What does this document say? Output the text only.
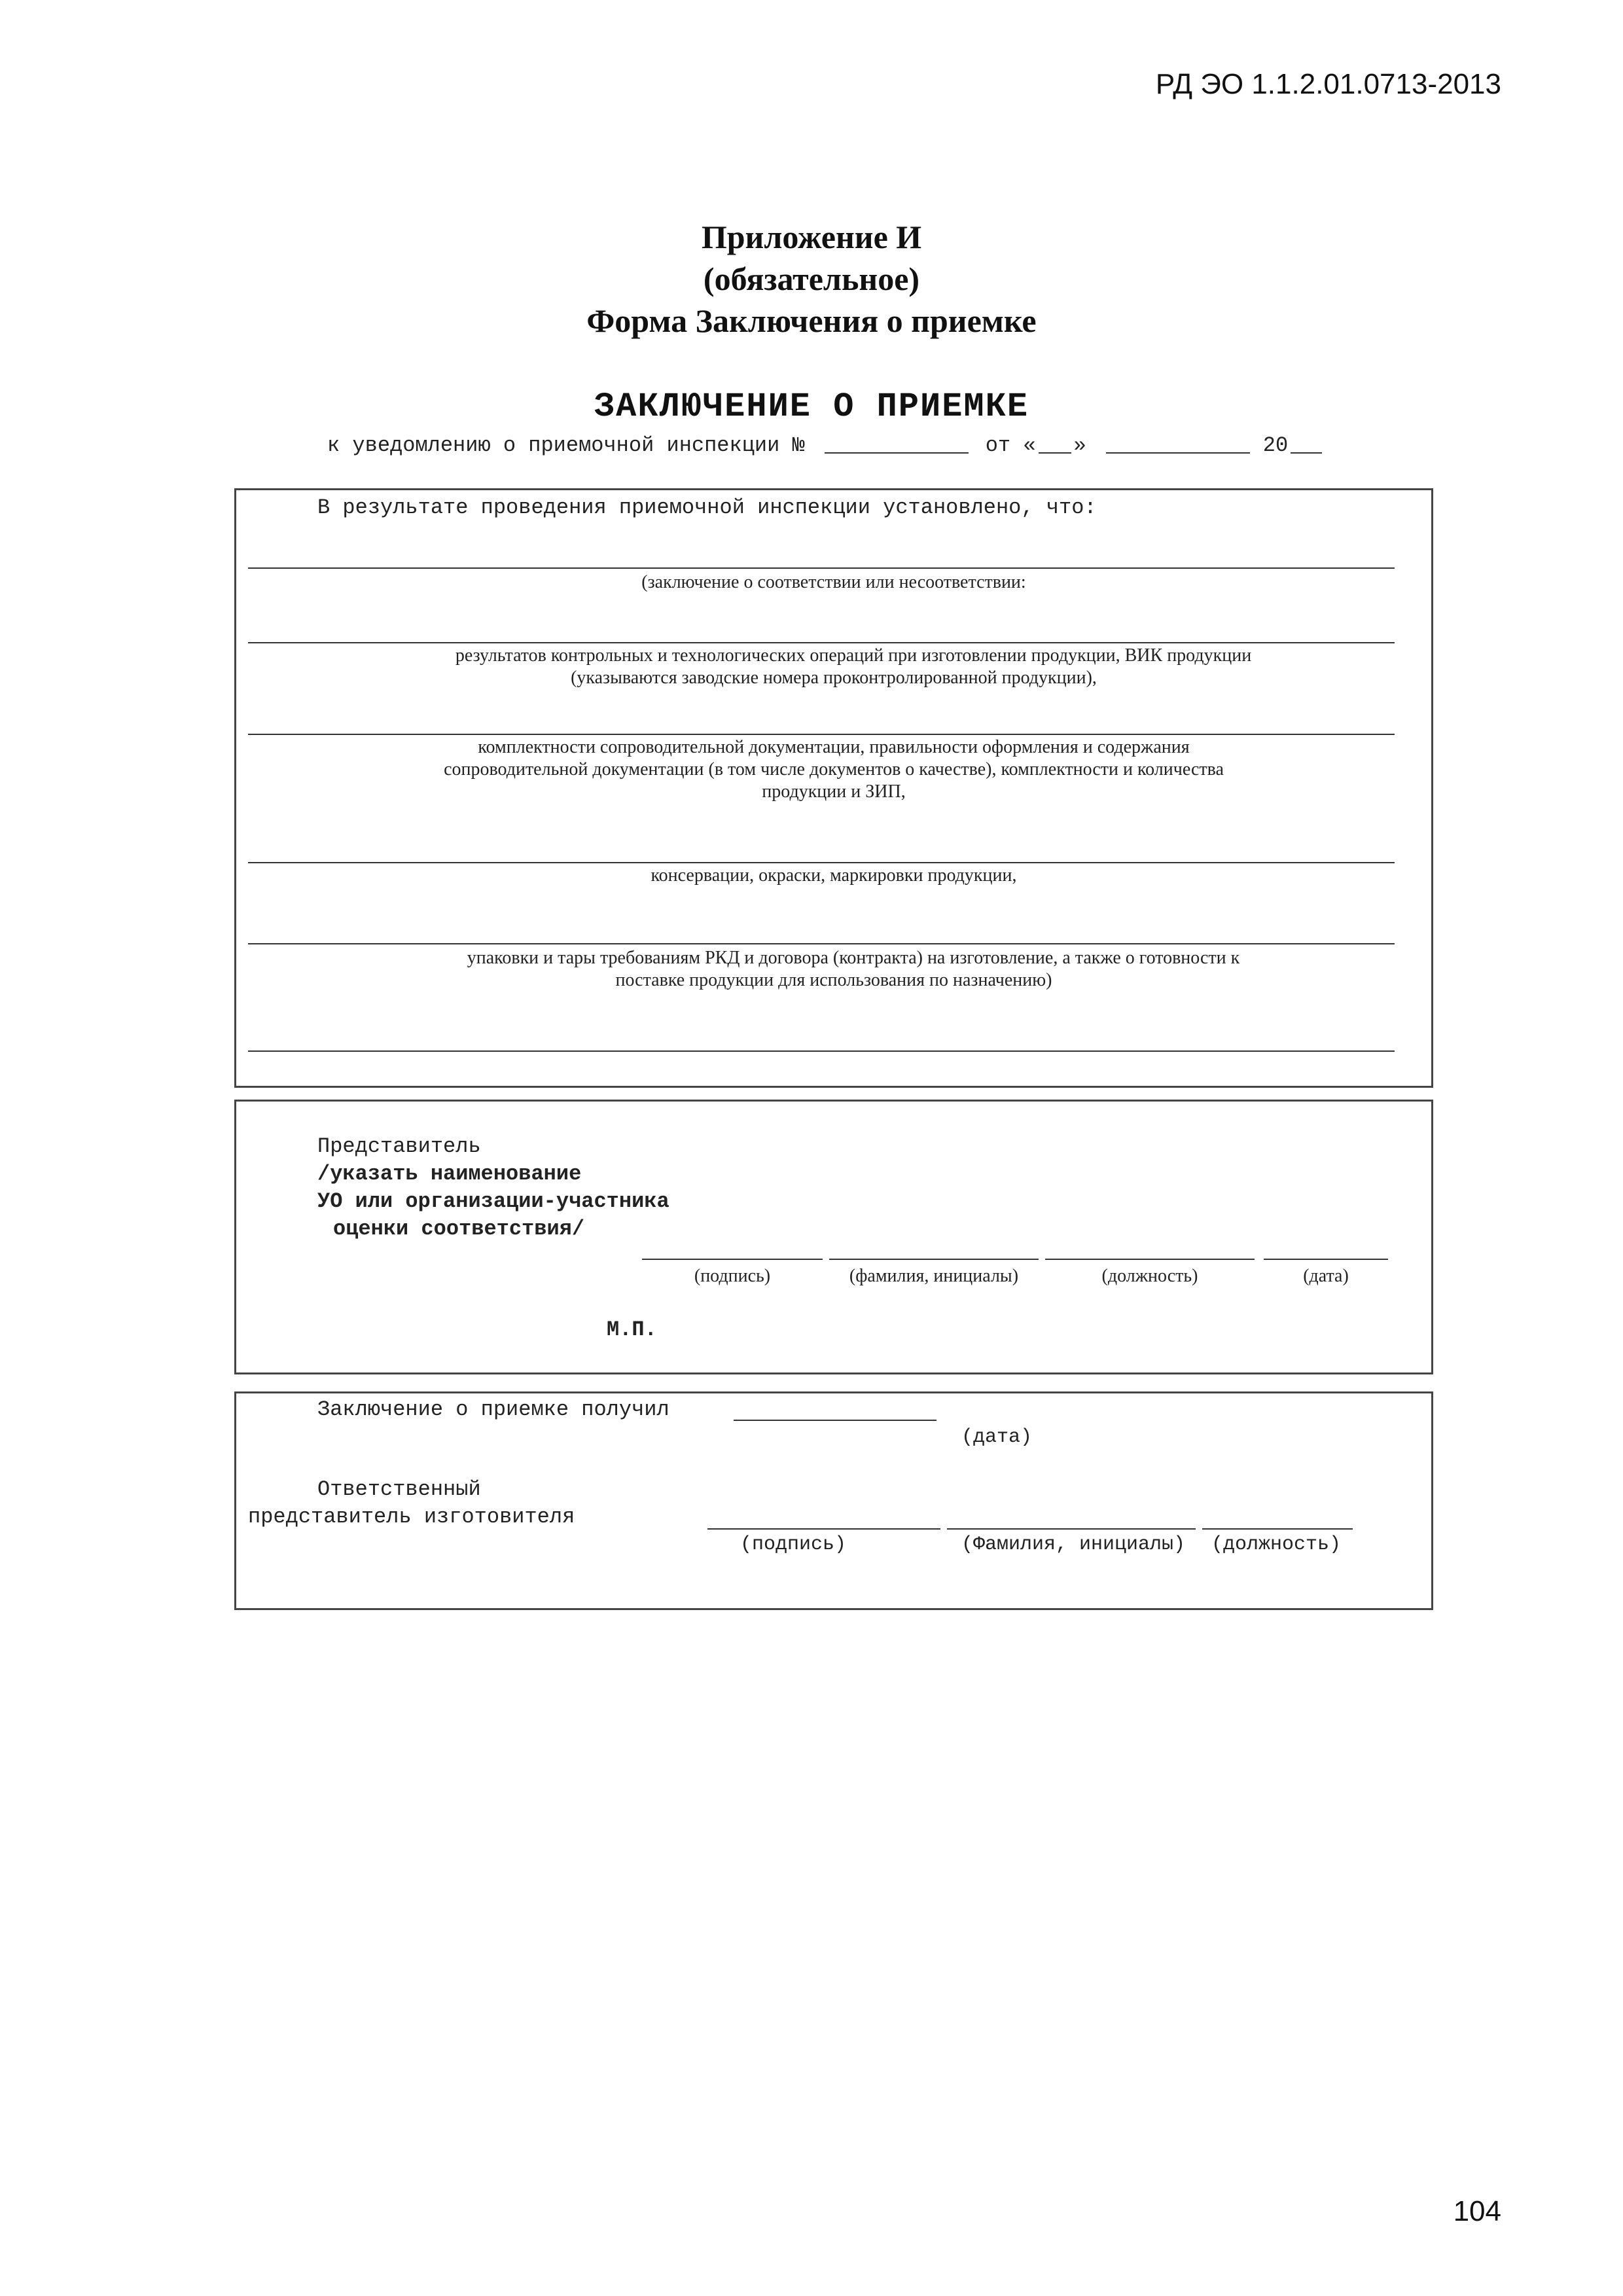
РД ЭО 1.1.2.01.0713-2013
104
Приложение И
(обязательное)
Форма Заключения о приемке
ЗАКЛЮЧЕНИЕ О ПРИЕМКЕ
к уведомлению о приемочной инспекции №	от « »	20
В результате проведения приемочной инспекции установлено, что:
(заключение о соответствии или несоответствии:
результатов контрольных и технологических операций при изготовлении продукции, ВИК продукции
(указываются заводские номера проконтролированной продукции),
комплектности сопроводительной документации, правильности оформления и содержания
сопроводительной документации (в том числе документов о качестве), комплектности и количества
продукции и ЗИП,
консервации, окраски, маркировки продукции,
упаковки и тары требованиям РКД и договора (контракта) на изготовление, а также о готовности к
поставке продукции для использования по назначению)
Представитель
/указать наименование
УО или организации-участника
оценки соответствия/
(подпись)	(фамилия, инициалы)	(должность)	(дата)
М.П.
Заключение о приемке получил
(дата)
Ответственный
представитель изготовителя
(подпись)	(Фамилия, инициалы) (должность)
